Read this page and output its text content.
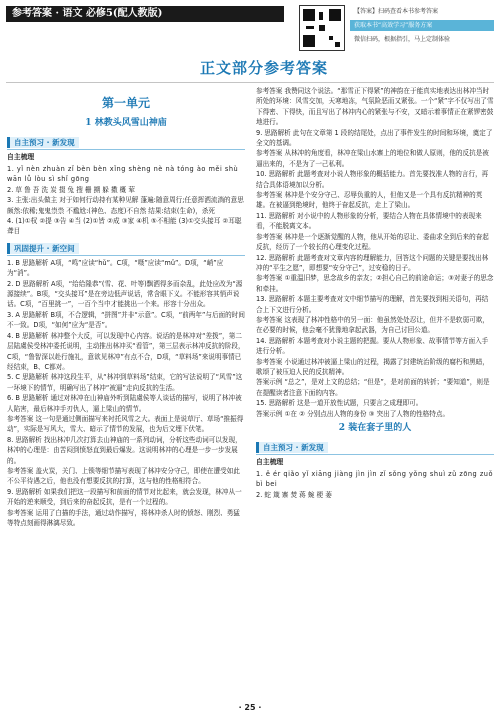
参考答案 · 语文 必修5(配人教版)	【答案】扫码查看本书参考答案
获取本书“高效学习”服务方案
微信扫码，根据指引，马上定制体验
正文部分参考答案
第一单元
1 林教头风雪山神庙
自主预习 · 新发现
自主梳理

1. yǐ nèn zhuàn zǐ bèn bèn xǐng shèng nè nà tóng ào měi shù wān lǚ lòu sì shǐ gōng

2. 草 鲁 吾 洗 炭 掇 兔 搜 栅 搠 躲 擞 概 荤

3. 主张:出头做主 对于如何行动持有某种见解 蓬遍:随意周行;任意挥洒流淌的意思 颇然:依稀;鬼鬼祟祟 不尴尬:(神色、态度)不自然 结果:结束(生命)，杀死

4. (1)①权 ②提 ③告 ④当 (2)①皆 ②成 ③家 ④机 ⑤不相能 (3)①交头接耳 ②耳聪聋目

巩固提升 · 新空间

1. B 思路解析 A项，“鸣”应读“hǔ”。C项，“嗫”应读“mǔ”。D项，“峭”应为“消”。

2. D 思路解析 A项，“给给隆恭”(雪、花、叶等)飘洒得多而杂乱，此处应改为“源源接续”。B项，“交头接耳”是在旁边低声说话，常含眼下义。不能形容其悄声说话。C项，“百里挑一”，一百个当中才能挑出一个来。形容十分出众。

3. A 思路解析 B项，不合逻辑，“拼图”并非“示意”。C项，“前两年”与后面的时间不一致。D项，“如何”应为“是否”。

4. B 思路解析 林冲整个大反，可以发现中心内容。说话的是林冲对“差拨”，第二层陆虞侯受林冲委托说明，主动推出林冲买“看管”，第三层表示林冲反抗的阶段，C项，“鲁智深以赴行施礼，意欲见林冲”有点不合，D项，“草料场”来说明事情已经结束，B、C都对。

5. C 思路解析 林冲这段生平，从“林冲到草料场”结束，它的写法说明了“风雪”这一环境下的情节，明确写出了林冲“被逼”走向反抗的生活。

6. B 思路解析 通过对林冲在山神庙外听到陆虞侯等人谈话的描写，说明了林冲被人陷害，最后林冲手刃仇人，逼上梁山的情节。

参考答案 这一句是通过侧面描写来衬托风雪之大。表面上是说草厅、草场“推振得动”，实际是写风大，雪大、暗示了情节的发展，也为后文埋下伏笔。

8. 思路解析 找出林冲几次打算去山神庙的一系列动词，分析这些动词可以发现，林冲的心理是：由苦闷到愤怒直到最后爆发。这说明林冲的心理是一步一步发展的。

参考答案 盖火炭，关门、上锁等细节描写表现了林冲安分守己，即使在遭受如此不公平待遇之后，他也没有想要反抗的打算，这与他的性格相符合。

9. 思路解析 如果我们把这一段描写和前面的情节对比起来，就会发现，林冲从一开始的逆来顺受，到后来的奋起反抗，是有一个过程的。

参考答案 运用了白描的手法，通过动作描写，将林冲杀人时的愤怒、刚烈、勇猛等特点刻画得淋漓尽致。

参考答案 我赞同这个说法。“那雪正下得紧”的神韵在于能真实地表达出林冲当时所处的环境：风雪交加，天寒地冻，气氛险恶而又紧张。一个“紧”字不仅写出了雪下得密、下得快，而且写出了林冲内心的紧张与不安，又暗示着事情正在紧锣密鼓地进行。

9. 思路解析 此句在文章第 1 段的结尾处，点出了事件发生的时间和环境，奠定了全文的基调。

参考答案 从林冲的角度看，林冲在梁山水寨上的地位和做人原则，他的反抗是被逼出来的，不是为了一己私利。

10. 思路解析 此题考查对小说人物形象的概括能力。首先要找准人物的言行，再结合具体语境加以分析。

参考答案 林冲是个安分守己、忍辱负重的人，但他又是一个具有反抗精神的英雄。在被逼到绝境时，他终于奋起反抗，走上了梁山。

11. 思路解析 对小说中的人物形象的分析，要结合人物在具体情境中的表现来看，不能脱离文本。

参考答案 林冲是一个逐渐觉醒的人物，他从开始的忍让、委曲求全到后来的奋起反抗，经历了一个较长的心理变化过程。

12. 思路解析 此题考查对文章内容的理解能力，回答这个问题的关键是要找出林冲的“平生之愿”，即想要“安分守己”，过安稳的日子。

参考答案 ①重温旧梦，思念故乡的亲友；②担心自己的前途命运；③对妻子的思念和牵挂。

13. 思路解析 本题主要考查对文中细节描写的理解，首先要找到相关语句，再结合上下文进行分析。

参考答案 这表现了林冲性格中的另一面：他虽然处处忍让，但并不是软弱可欺，在必要的时候，他会毫不犹豫地拿起武器，为自己讨回公道。

14. 思路解析 本题考查对小说主题的把握。要从人物形象、故事情节等方面入手进行分析。

参考答案 小说通过林冲被逼上梁山的过程，揭露了封建统治阶级的腐朽和黑暗，歌颂了被压迫人民的反抗精神。

答案示例 “总之”，是对上文的总结；“但是”，是对前面的转折；“要知道”，则是在提醒读者注意下面的内容。

15. 思路解析 这是一道开放性试题，只要言之成理即可。

答案示例 ①在 ② 分别点出人物的身份 ③ 突出了人物的性格特点。

2 装在套子里的人
自主预习 · 新发现
自主梳理

1. ě ér qiǎo yǐ xiāng jiàng jìn jìn zǐ sǒng yǒng shuì zǔ zōng zuǒ bì bei

2. 蛇 箴 寨 焚 蒋 蜿 梗 萎

· 25 ·
